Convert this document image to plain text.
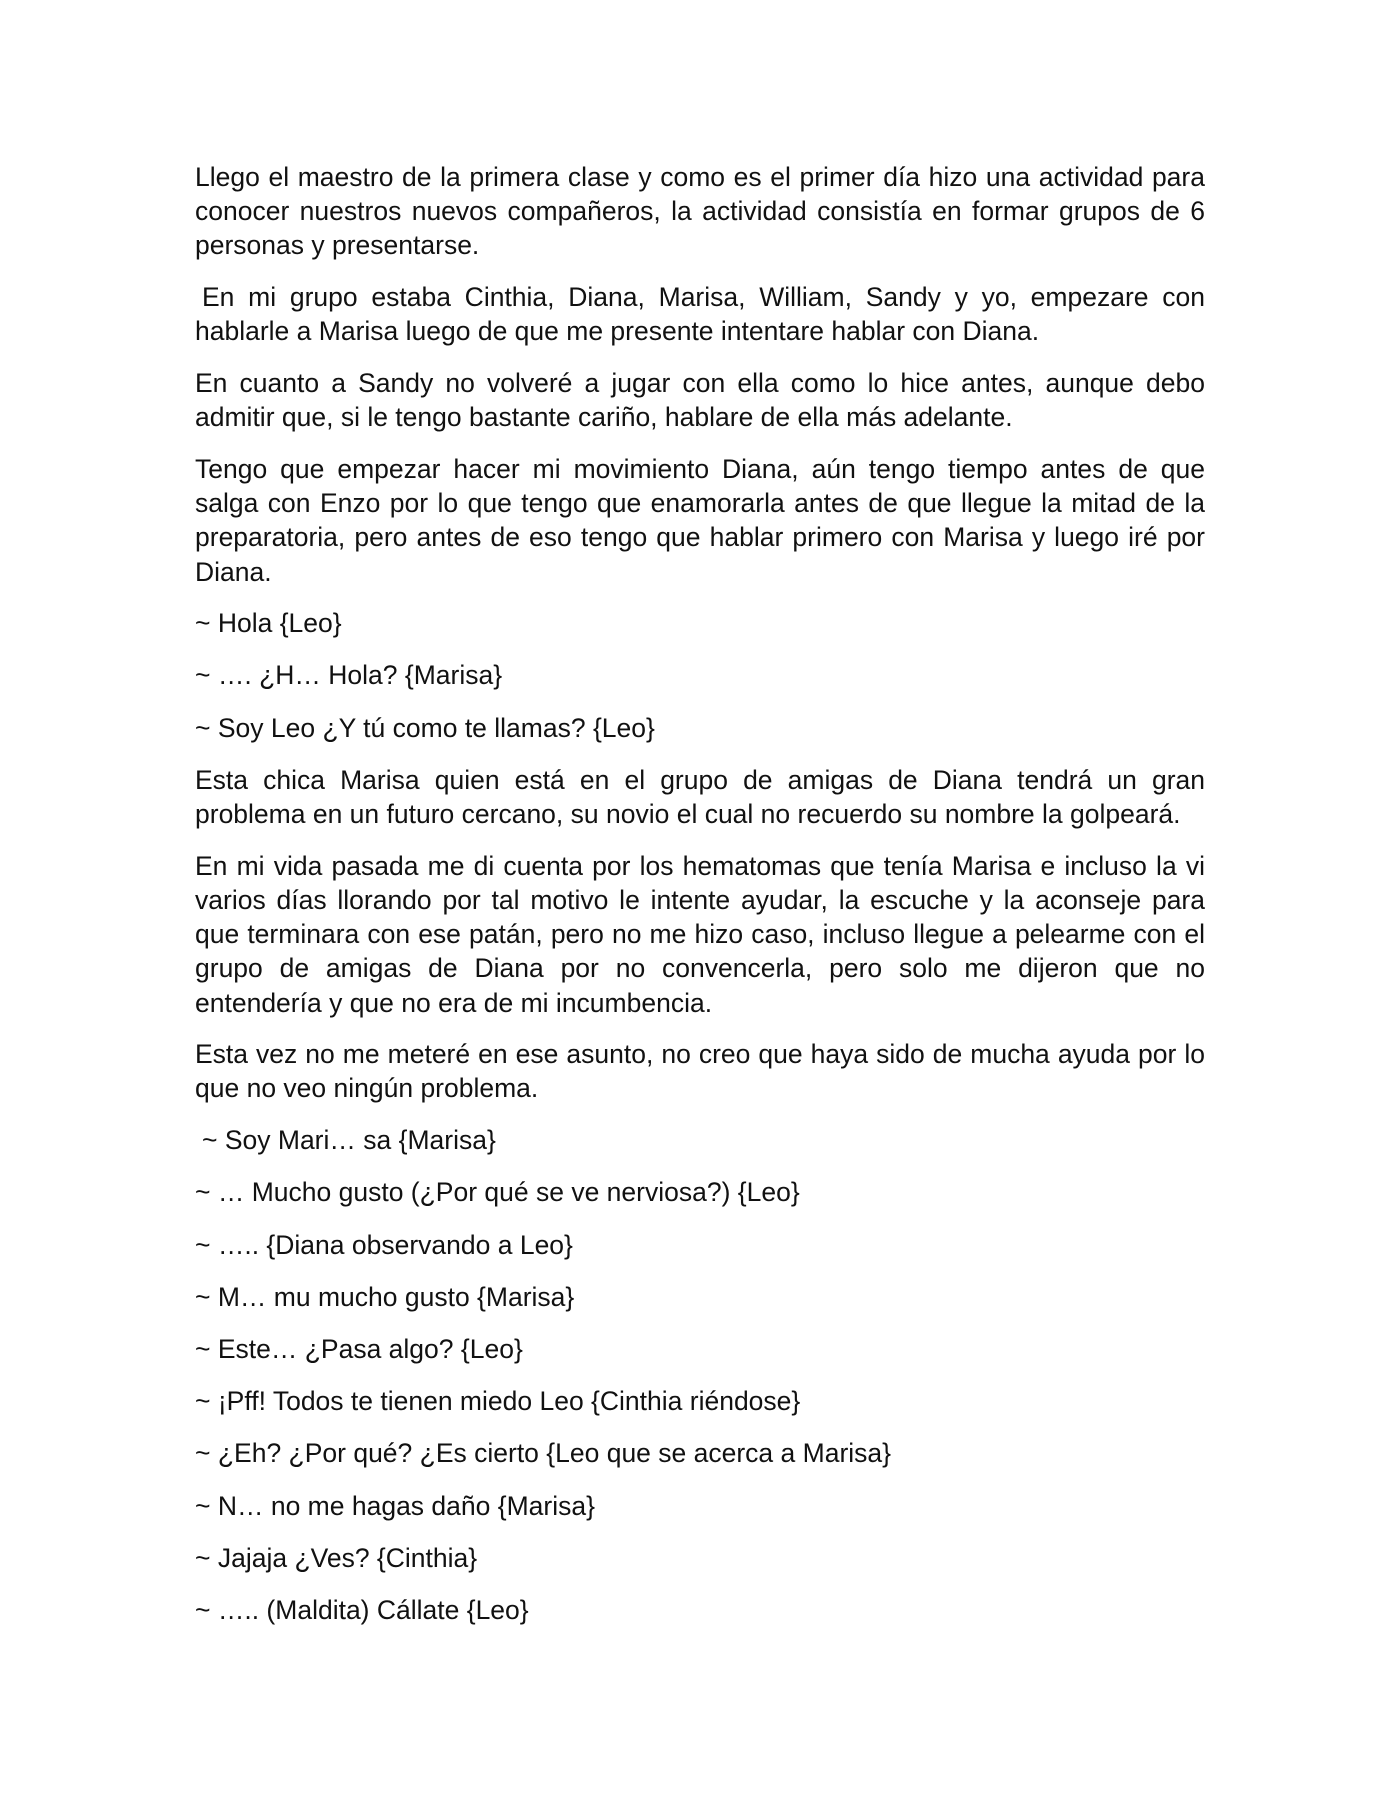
Llego el maestro de la primera clase y como es el primer día hizo una actividad para conocer nuestros nuevos compañeros, la actividad consistía en formar grupos de 6 personas y presentarse.

En mi grupo estaba Cinthia, Diana, Marisa, William, Sandy y yo, empezare con hablarle a Marisa luego de que me presente intentare hablar con Diana.

En cuanto a Sandy no volveré a jugar con ella como lo hice antes, aunque debo admitir que, si le tengo bastante cariño, hablare de ella más adelante.

Tengo que empezar hacer mi movimiento Diana, aún tengo tiempo antes de que salga con Enzo por lo que tengo que enamorarla antes de que llegue la mitad de la preparatoria, pero antes de eso tengo que hablar primero con Marisa y luego iré por Diana.

~ Hola {Leo}

~ …. ¿H… Hola? {Marisa}

~ Soy Leo ¿Y tú como te llamas? {Leo}

Esta chica Marisa quien está en el grupo de amigas de Diana tendrá un gran problema en un futuro cercano, su novio el cual no recuerdo su nombre la golpeará.

En mi vida pasada me di cuenta por los hematomas que tenía Marisa e incluso la vi varios días llorando por tal motivo le intente ayudar, la escuche y la aconseje para que terminara con ese patán, pero no me hizo caso, incluso llegue a pelearme con el grupo de amigas de Diana por no convencerla, pero solo me dijeron que no entendería y que no era de mi incumbencia.

Esta vez no me meteré en ese asunto, no creo que haya sido de mucha ayuda por lo que no veo ningún problema.

~ Soy Mari… sa {Marisa}

~ … Mucho gusto (¿Por qué se ve nerviosa?) {Leo}

~ ….. {Diana observando a Leo}

~ M… mu mucho gusto {Marisa}

~ Este… ¿Pasa algo? {Leo}

~ ¡Pff! Todos te tienen miedo Leo {Cinthia riéndose}

~ ¿Eh? ¿Por qué? ¿Es cierto {Leo que se acerca a Marisa}

~ N… no me hagas daño {Marisa}

~ Jajaja ¿Ves? {Cinthia}

~ ….. (Maldita) Cállate {Leo}
